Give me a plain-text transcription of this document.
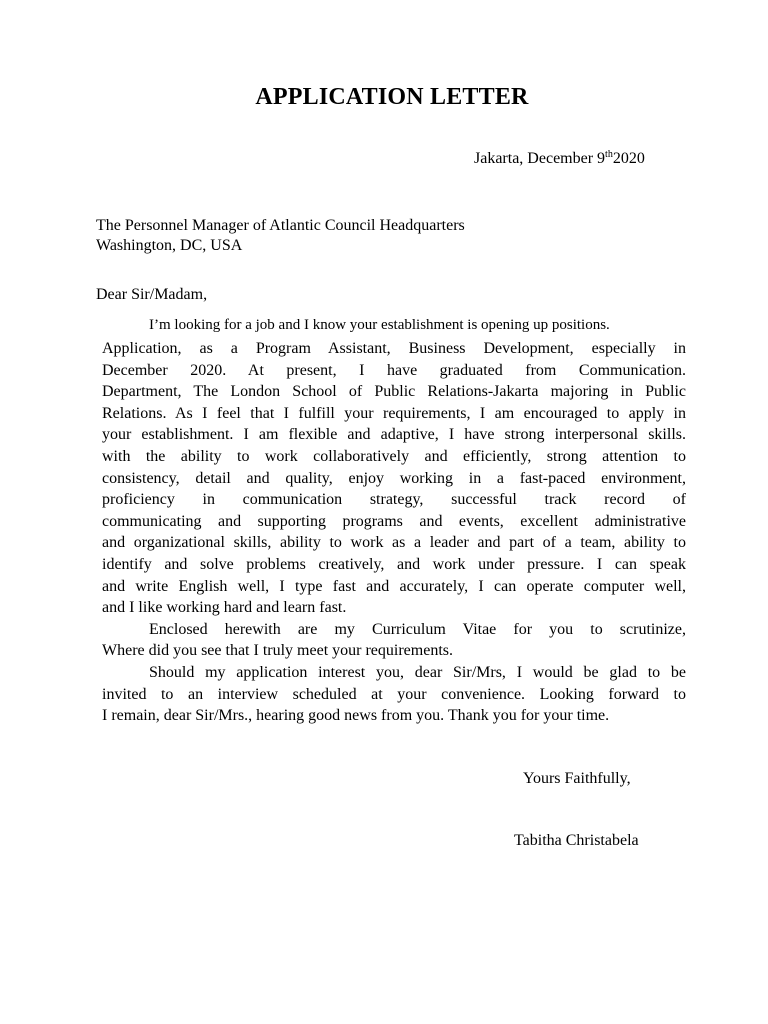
APPLICATION LETTER
Jakarta, December 9th2020
The Personnel Manager of Atlantic Council Headquarters
Washington, DC, USA
Dear Sir/Madam,
I’m looking for a job and I know your establishment is opening up positions.
Application, as a Program Assistant, Business Development, especially in
December 2020. At present, I have graduated from Communication.
Department, The London School of Public Relations-Jakarta majoring in Public
Relations. As I feel that I fulfill your requirements, I am encouraged to apply in
your establishment. I am flexible and adaptive, I have strong interpersonal skills.
with the ability to work collaboratively and efficiently, strong attention to
consistency, detail and quality, enjoy working in a fast-paced environment,
proficiency in communication strategy, successful track record of
communicating and supporting programs and events, excellent administrative
and organizational skills, ability to work as a leader and part of a team, ability to
identify and solve problems creatively, and work under pressure. I can speak
and write English well, I type fast and accurately, I can operate computer well,
and I like working hard and learn fast.
Enclosed herewith are my Curriculum Vitae for you to scrutinize,
Where did you see that I truly meet your requirements.
Should my application interest you, dear Sir/Mrs, I would be glad to be
invited to an interview scheduled at your convenience. Looking forward to
I remain, dear Sir/Mrs., hearing good news from you. Thank you for your time.
Yours Faithfully,
Tabitha Christabela
